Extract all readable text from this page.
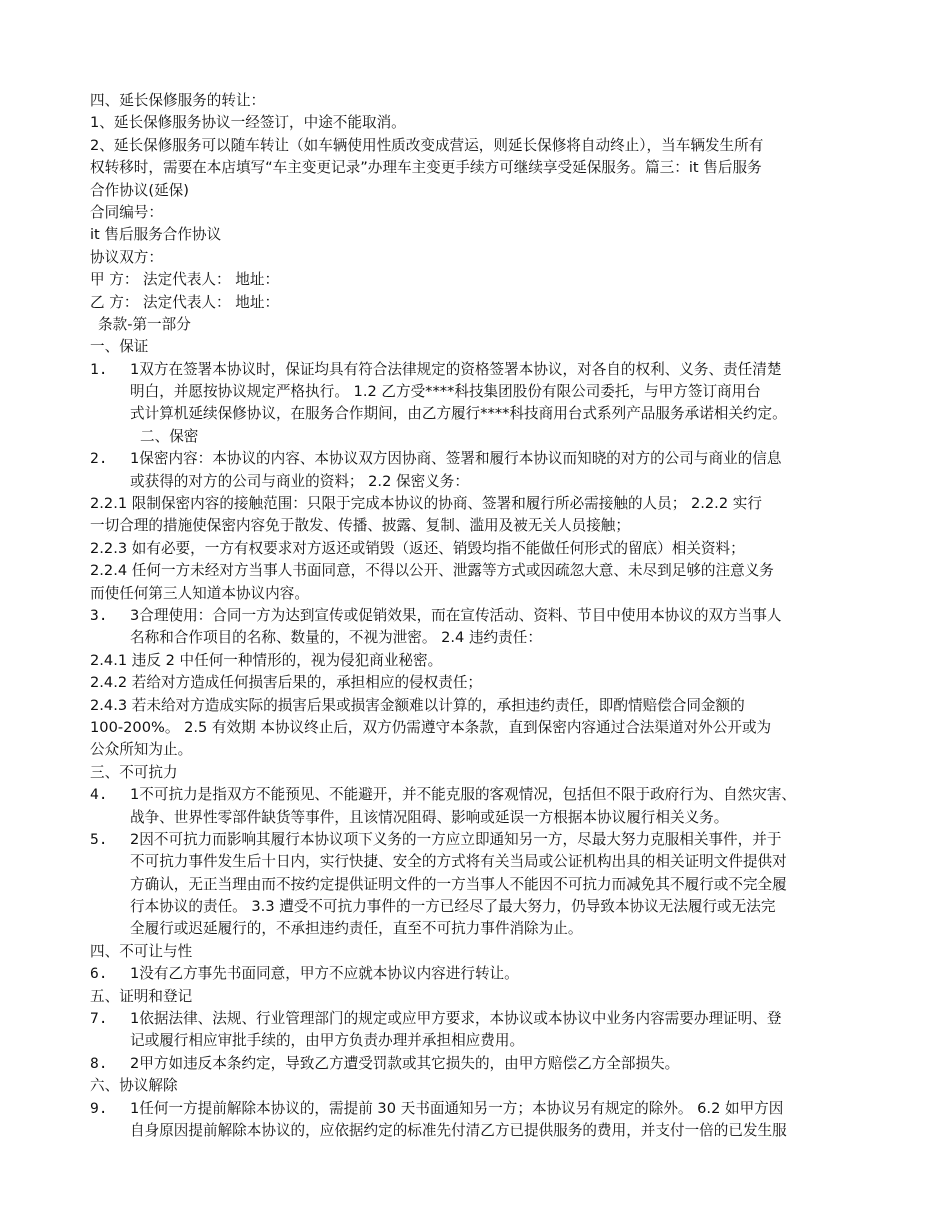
四、延长保修服务的转让：
1、延长保修服务协议一经签订，中途不能取消。
2、延长保修服务可以随车转让（如车辆使用性质改变成营运，则延长保修将自动终止），当车辆发生所有
权转移时，需要在本店填写“车主变更记录”办理车主变更手续方可继续享受延保服务。篇三：it 售后服务
合作协议(延保)
合同编号：
it 售后服务合作协议
协议双方：
甲 方： 法定代表人： 地址：
乙 方： 法定代表人： 地址：
条款-第一部分
一、保证
1. 1双方在签署本协议时，保证均具有符合法律规定的资格签署本协议，对各自的权利、义务、责任清楚
明白，并愿按协议规定严格执行。 1.2 乙方受****科技集团股份有限公司委托，与甲方签订商用台
式计算机延续保修协议，在服务合作期间，由乙方履行****科技商用台式系列产品服务承诺相关约定。
二、保密
2. 1保密内容：本协议的内容、本协议双方因协商、签署和履行本协议而知晓的对方的公司与商业的信息
或获得的对方的公司与商业的资料； 2.2 保密义务：
2.2.1 限制保密内容的接触范围：只限于完成本协议的协商、签署和履行所必需接触的人员； 2.2.2 实行
一切合理的措施使保密内容免于散发、传播、披露、复制、滥用及被无关人员接触；
2.2.3 如有必要，一方有权要求对方返还或销毁（返还、销毁均指不能做任何形式的留底）相关资料；
2.2.4 任何一方未经对方当事人书面同意，不得以公开、泄露等方式或因疏忽大意、未尽到足够的注意义务
而使任何第三人知道本协议内容。
3. 3合理使用：合同一方为达到宣传或促销效果，而在宣传活动、资料、节目中使用本协议的双方当事人
名称和合作项目的名称、数量的，不视为泄密。 2.4 违约责任：
2.4.1 违反 2 中任何一种情形的，视为侵犯商业秘密。
2.4.2 若给对方造成任何损害后果的，承担相应的侵权责任；
2.4.3 若未给对方造成实际的损害后果或损害金额难以计算的，承担违约责任，即酌情赔偿合同金额的
100-200%。 2.5 有效期 本协议终止后，双方仍需遵守本条款，直到保密内容通过合法渠道对外公开或为
公众所知为止。
三、不可抗力
4. 1不可抗力是指双方不能预见、不能避开，并不能克服的客观情况，包括但不限于政府行为、自然灾害、
战争、世界性零部件缺货等事件，且该情况阻碍、影响或延误一方根据本协议履行相关义务。
5. 2因不可抗力而影响其履行本协议项下义务的一方应立即通知另一方，尽最大努力克服相关事件，并于
不可抗力事件发生后十日内，实行快捷、安全的方式将有关当局或公证机构出具的相关证明文件提供对
方确认，无正当理由而不按约定提供证明文件的一方当事人不能因不可抗力而减免其不履行或不完全履
行本协议的责任。 3.3 遭受不可抗力事件的一方已经尽了最大努力，仍导致本协议无法履行或无法完
全履行或迟延履行的，不承担违约责任，直至不可抗力事件消除为止。
四、不可让与性
6. 1没有乙方事先书面同意，甲方不应就本协议内容进行转让。
五、证明和登记
7. 1依据法律、法规、行业管理部门的规定或应甲方要求，本协议或本协议中业务内容需要办理证明、登
记或履行相应审批手续的，由甲方负责办理并承担相应费用。
8. 2甲方如违反本条约定，导致乙方遭受罚款或其它损失的，由甲方赔偿乙方全部损失。
六、协议解除
9. 1任何一方提前解除本协议的，需提前 30 天书面通知另一方；本协议另有规定的除外。 6.2 如甲方因
自身原因提前解除本协议的，应依据约定的标准先付清乙方已提供服务的费用，并支付一倍的已发生服
